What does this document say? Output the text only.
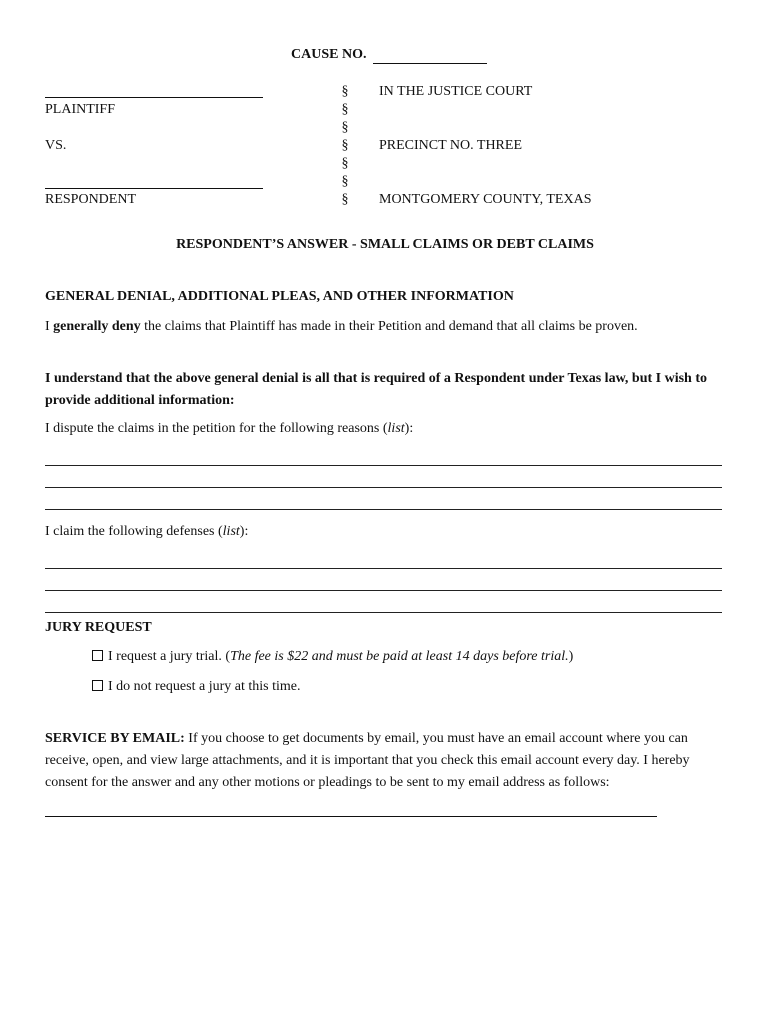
CAUSE NO.
PLAINTIFF
VS.
RESPONDENT
§
§
§
§
§
§
§
IN THE JUSTICE COURT
PRECINCT NO. THREE
MONTGOMERY COUNTY, TEXAS
RESPONDENT’S ANSWER - SMALL CLAIMS OR DEBT CLAIMS
GENERAL DENIAL, ADDITIONAL PLEAS, AND OTHER INFORMATION

I generally deny the claims that Plaintiff has made in their Petition and demand that all claims be proven.

I understand that the above general denial is all that is required of a Respondent under Texas law, but I wish to provide additional information:

I dispute the claims in the petition for the following reasons (list):
I claim the following defenses (list):
JURY REQUEST
I request a jury trial. (The fee is $22 and must be paid at least 14 days before trial.)
I do not request a jury at this time.

SERVICE BY EMAIL: If you choose to get documents by email, you must have an email account where you can receive, open, and view large attachments, and it is important that you check this email account every day. I hereby consent for the answer and any other motions or pleadings to be sent to my email address as follows:
